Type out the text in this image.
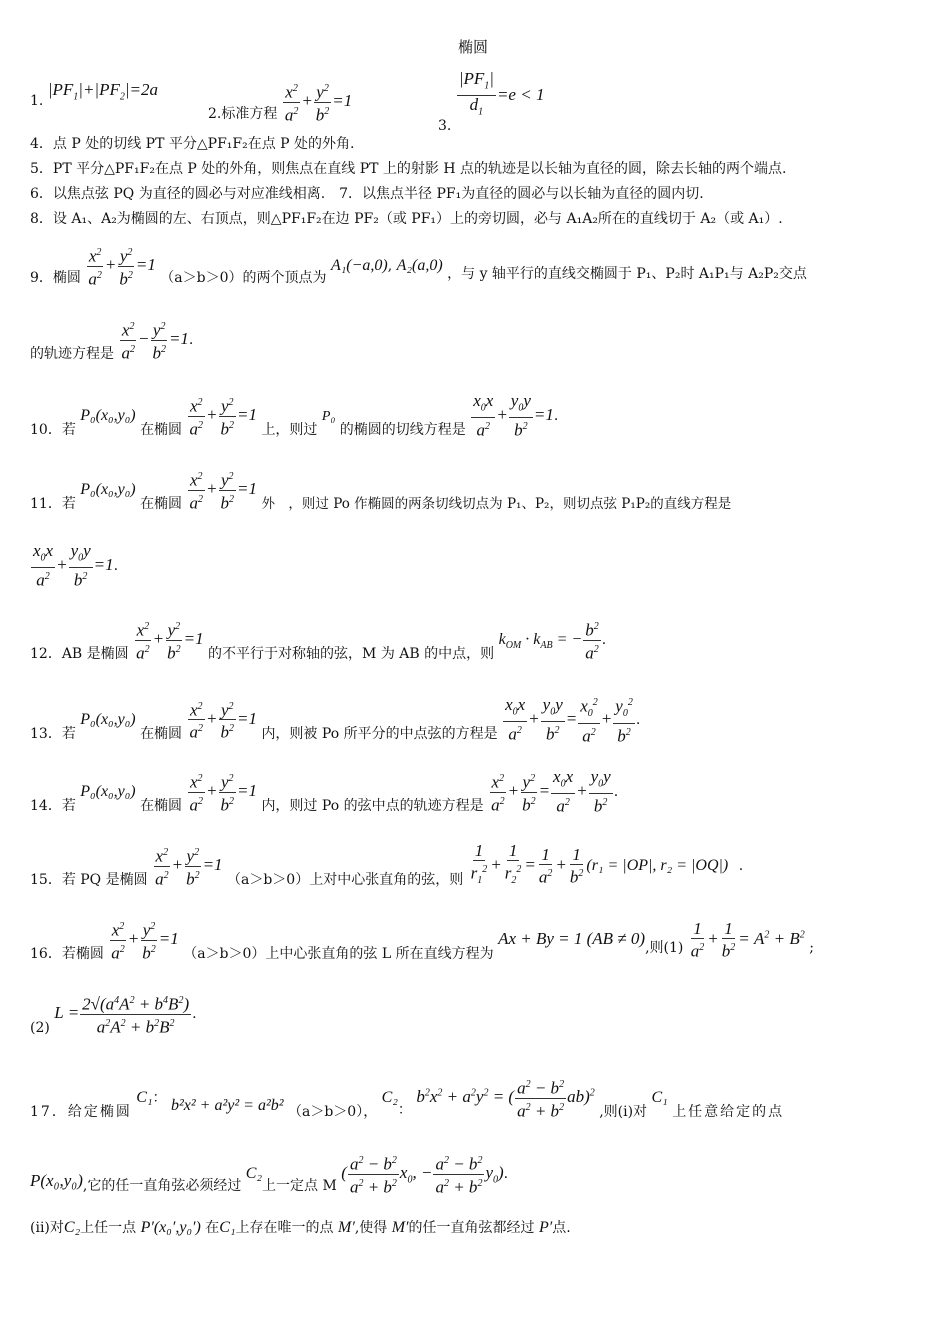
椭圆
1. $|PF_1|+|PF_2|=2a$
2.标准方程 $\frac{x^2}{a^2} + \frac{y^2}{b^2} =1$
3.
$\frac{|PF_1|}{d_1} =e < 1$
4．点 P 处的切线 PT 平分△PF₁F₂在点 P 处的外角.
5．PT 平分△PF₁F₂在点 P 处的外角，则焦点在直线 PT 上的射影 H 点的轨迹是以长轴为直径的圆，除去长轴的两个端点.
6．以焦点弦 PQ 为直径的圆必与对应准线相离.　7．以焦点半径 PF₁为直径的圆必与以长轴为直径的圆内切.
8．设 A₁、A₂为椭圆的左、右顶点，则△PF₁F₂在边 PF₂（或 PF₁）上的旁切圆，必与 A₁A₂所在的直线切于 A₂（或 A₁）.
9．椭圆 $\frac{x^2}{a^2} + \frac{y^2}{b^2} =1$ （a＞b＞0）的两个顶点为 A₁(−a,0), A₂(a,0) ，与 y 轴平行的直线交椭圆于 P₁、P₂时 A₁P₁与 A₂P₂交点
的轨迹方程是 $\frac{x^2}{a^2} - \frac{y^2}{b^2} =1$.
10．若 P₀(x₀,y₀) 在椭圆 $\frac{x^2}{a^2} + \frac{y^2}{b^2} =1$ 上，则过 P₀ 的椭圆的切线方程是 $\frac{x_0x}{a^2} + \frac{y_0y}{b^2} =1$.
11．若 P₀(x₀,y₀) 在椭圆 $\frac{x^2}{a^2} + \frac{y^2}{b^2} =1$ 外　，则过 Po 作椭圆的两条切线切点为 P₁、P₂，则切点弦 P₁P₂的直线方程是
$\frac{x_0x}{a^2} + \frac{y_0y}{b^2} =1$.
12．AB 是椭圆 $\frac{x^2}{a^2} + \frac{y^2}{b^2} =1$ 的不平行于对称轴的弦，M 为 AB 的中点，则 $k_{OM} \cdot k_{AB}$ = − $\frac{b^2}{a^2}$ .
13．若 P₀(x₀,y₀) 在椭圆 $\frac{x^2}{a^2} + \frac{y^2}{b^2} =1$ 内，则被 Po 所平分的中点弦的方程是 $\frac{x_0x}{a^2} + \frac{y_0y}{b^2} = \frac{x_0^2}{a^2} + \frac{y_0^2}{b^2}$ .
14．若 P₀(x₀,y₀) 在椭圆 $\frac{x^2}{a^2} + \frac{y^2}{b^2} =1$ 内，则过 Po 的弦中点的轨迹方程是 $\frac{x^2}{a^2} + \frac{y^2}{b^2} = \frac{x_0x}{a^2} + \frac{y_0y}{b^2}$ .
15．若 PQ 是椭圆 $\frac{x^2}{a^2} + \frac{y^2}{b^2} =1$ （a＞b＞0）上对中心张直角的弦，则 $\frac{1}{r_1^2} + \frac{1}{r_2^2} = \frac{1}{a^2} + \frac{1}{b^2} (r_1 = |OP|$, r₂ = |OQ|) .
16．若椭圆 $\frac{x^2}{a^2} + \frac{y^2}{b^2} =1$ （a＞b＞0）上中心张直角的弦 L 所在直线方程为 Ax + By = 1 (AB ≠ 0),则$(1) \frac{1}{a^2} + \frac{1}{b^2} = A^2 + B^2$ ;
(2) $L = \frac{2√(a^4A^2 + b^4B^2)}{a^2A^2 + b^2B^2}$ .
17．给定椭圆 C₁： b²x² + a²y² = a²b² （a＞b＞0）， C₂： $b^2x^2 + a^2y^2$ = ( $\frac{a^2 - b^2}{a^2 + b^2} ab)^2$ ,则(i)对 C₁ 上任意给定的点
P(x₀,y₀),它的任一直角弦必须经过 C₂上一定点 M ( $\frac{a^2 - b^2}{a^2 + b^2} x_0$, − $\frac{a^2 - b^2}{a^2 + b^2} y_0$).
(ii)对C₂上任一点 P′(x₀′,y₀′) 在C₁上存在唯一的点 M′,使得 M′的任一直角弦都经过 P′点.
